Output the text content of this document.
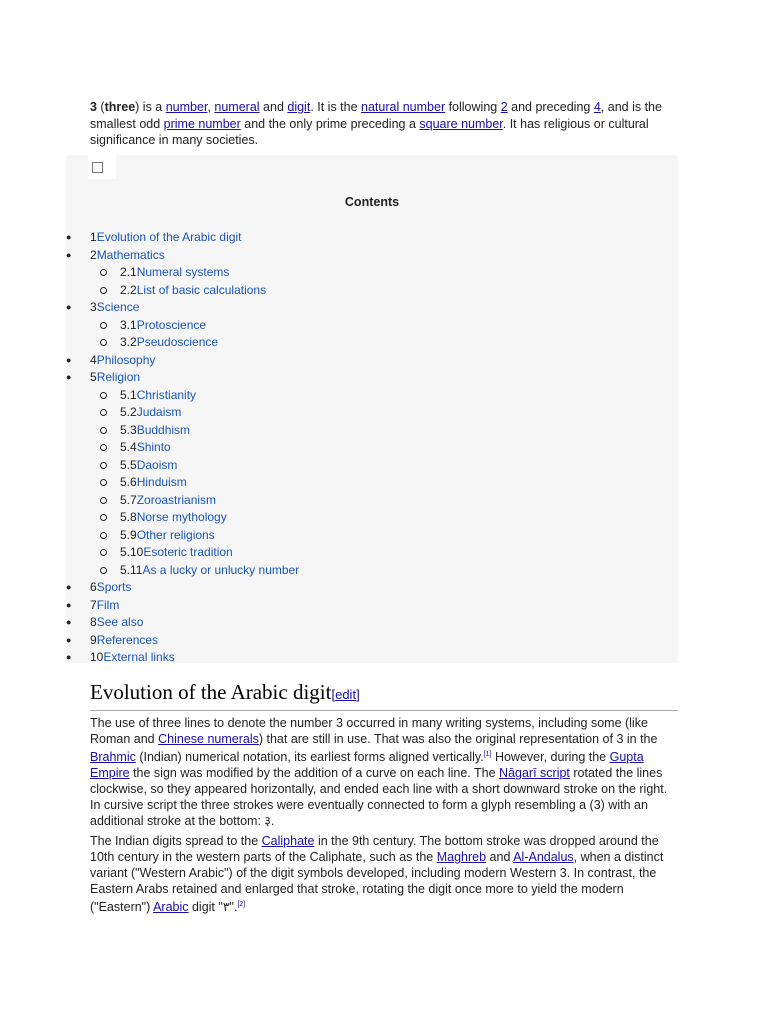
3 (three) is a number, numeral and digit. It is the natural number following 2 and preceding 4, and is the smallest odd prime number and the only prime preceding a square number. It has religious or cultural significance in many societies.

Contents
● 1Evolution of the Arabic digit
● 2Mathematics
2.1Numeral systems
2.2List of basic calculations
● 3Science
3.1Protoscience
3.2Pseudoscience
● 4Philosophy
● 5Religion
5.1Christianity
5.2Judaism
5.3Buddhism
5.4Shinto
5.5Daoism
5.6Hinduism
5.7Zoroastrianism
5.8Norse mythology
5.9Other religions
5.10Esoteric tradition
5.11As a lucky or unlucky number
● 6Sports
● 7Film
● 8See also
● 9References
● 10External links
Evolution of the Arabic digit[edit]

The use of three lines to denote the number 3 occurred in many writing systems, including some (like Roman and Chinese numerals) that are still in use. That was also the original representation of 3 in the Brahmic (Indian) numerical notation, its earliest forms aligned vertically.[1] However, during the Gupta Empire the sign was modified by the addition of a curve on each line. The Nāgarī script rotated the lines clockwise, so they appeared horizontally, and ended each line with a short downward stroke on the right. In cursive script the three strokes were eventually connected to form a glyph resembling a (3) with an additional stroke at the bottom: ३.

The Indian digits spread to the Caliphate in the 9th century. The bottom stroke was dropped around the 10th century in the western parts of the Caliphate, such as the Maghreb and Al-Andalus, when a distinct variant ("Western Arabic") of the digit symbols developed, including modern Western 3. In contrast, the Eastern Arabs retained and enlarged that stroke, rotating the digit once more to yield the modern ("Eastern") Arabic digit "٣".[2]
